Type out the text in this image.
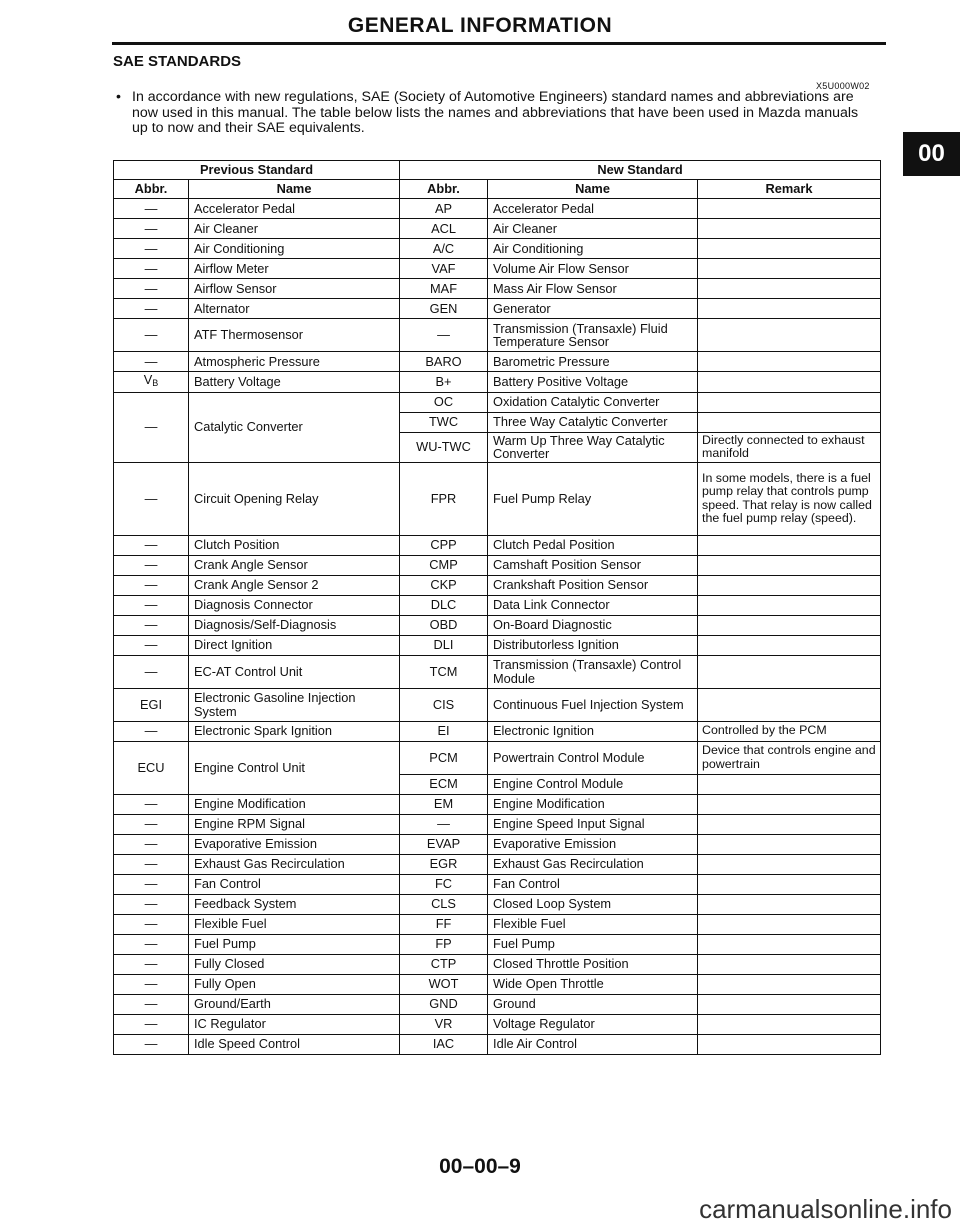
GENERAL INFORMATION
SAE STANDARDS
X5U000W02
• In accordance with new regulations, SAE (Society of Automotive Engineers) standard names and abbreviations are now used in this manual. The table below lists the names and abbreviations that have been used in Mazda manuals up to now and their SAE equivalents.
00
Previous Standard		New Standard		
Abbr.	Name	Abbr.	Name	Remark
—	Accelerator Pedal	AP	Accelerator Pedal	
—	Air Cleaner	ACL	Air Cleaner	
—	Air Conditioning	A/C	Air Conditioning	
—	Airflow Meter	VAF	Volume Air Flow Sensor	
—	Airflow Sensor	MAF	Mass Air Flow Sensor	
—	Alternator	GEN	Generator	
—	ATF Thermosensor	—	Transmission (Transaxle) Fluid Temperature Sensor	
—	Atmospheric Pressure	BARO	Barometric Pressure	
$V_B$	Battery Voltage	B+	Battery Positive Voltage	
—	Catalytic Converter	OC	Oxidation Catalytic Converter	
		TWC	Three Way Catalytic Converter	
		WU-TWC	Warm Up Three Way Catalytic Converter	Directly connected to exhaust manifold
—	Circuit Opening Relay	FPR	Fuel Pump Relay	In some models, there is a fuel pump relay that controls pump speed. That relay is now called the fuel pump relay (speed).
—	Clutch Position	CPP	Clutch Pedal Position	
—	Crank Angle Sensor	CMP	Camshaft Position Sensor	
—	Crank Angle Sensor 2	CKP	Crankshaft Position Sensor	
—	Diagnosis Connector	DLC	Data Link Connector	
—	Diagnosis/Self-Diagnosis	OBD	On-Board Diagnostic	
—	Direct Ignition	DLI	Distributorless Ignition	
—	EC-AT Control Unit	TCM	Transmission (Transaxle) Control Module	
EGI	Electronic Gasoline Injection System	CIS	Continuous Fuel Injection System	
—	Electronic Spark Ignition	EI	Electronic Ignition	Controlled by the PCM
ECU	Engine Control Unit	PCM	Powertrain Control Module	Device that controls engine and powertrain
		ECM	Engine Control Module	
—	Engine Modification	EM	Engine Modification	
—	Engine RPM Signal	—	Engine Speed Input Signal	
—	Evaporative Emission	EVAP	Evaporative Emission	
—	Exhaust Gas Recirculation	EGR	Exhaust Gas Recirculation	
—	Fan Control	FC	Fan Control	
—	Feedback System	CLS	Closed Loop System	
—	Flexible Fuel	FF	Flexible Fuel	
—	Fuel Pump	FP	Fuel Pump	
—	Fully Closed	CTP	Closed Throttle Position	
—	Fully Open	WOT	Wide Open Throttle	
—	Ground/Earth	GND	Ground	
—	IC Regulator	VR	Voltage Regulator	
—	Idle Speed Control	IAC	Idle Air Control	
00–00–9
carmanualsonline.info
